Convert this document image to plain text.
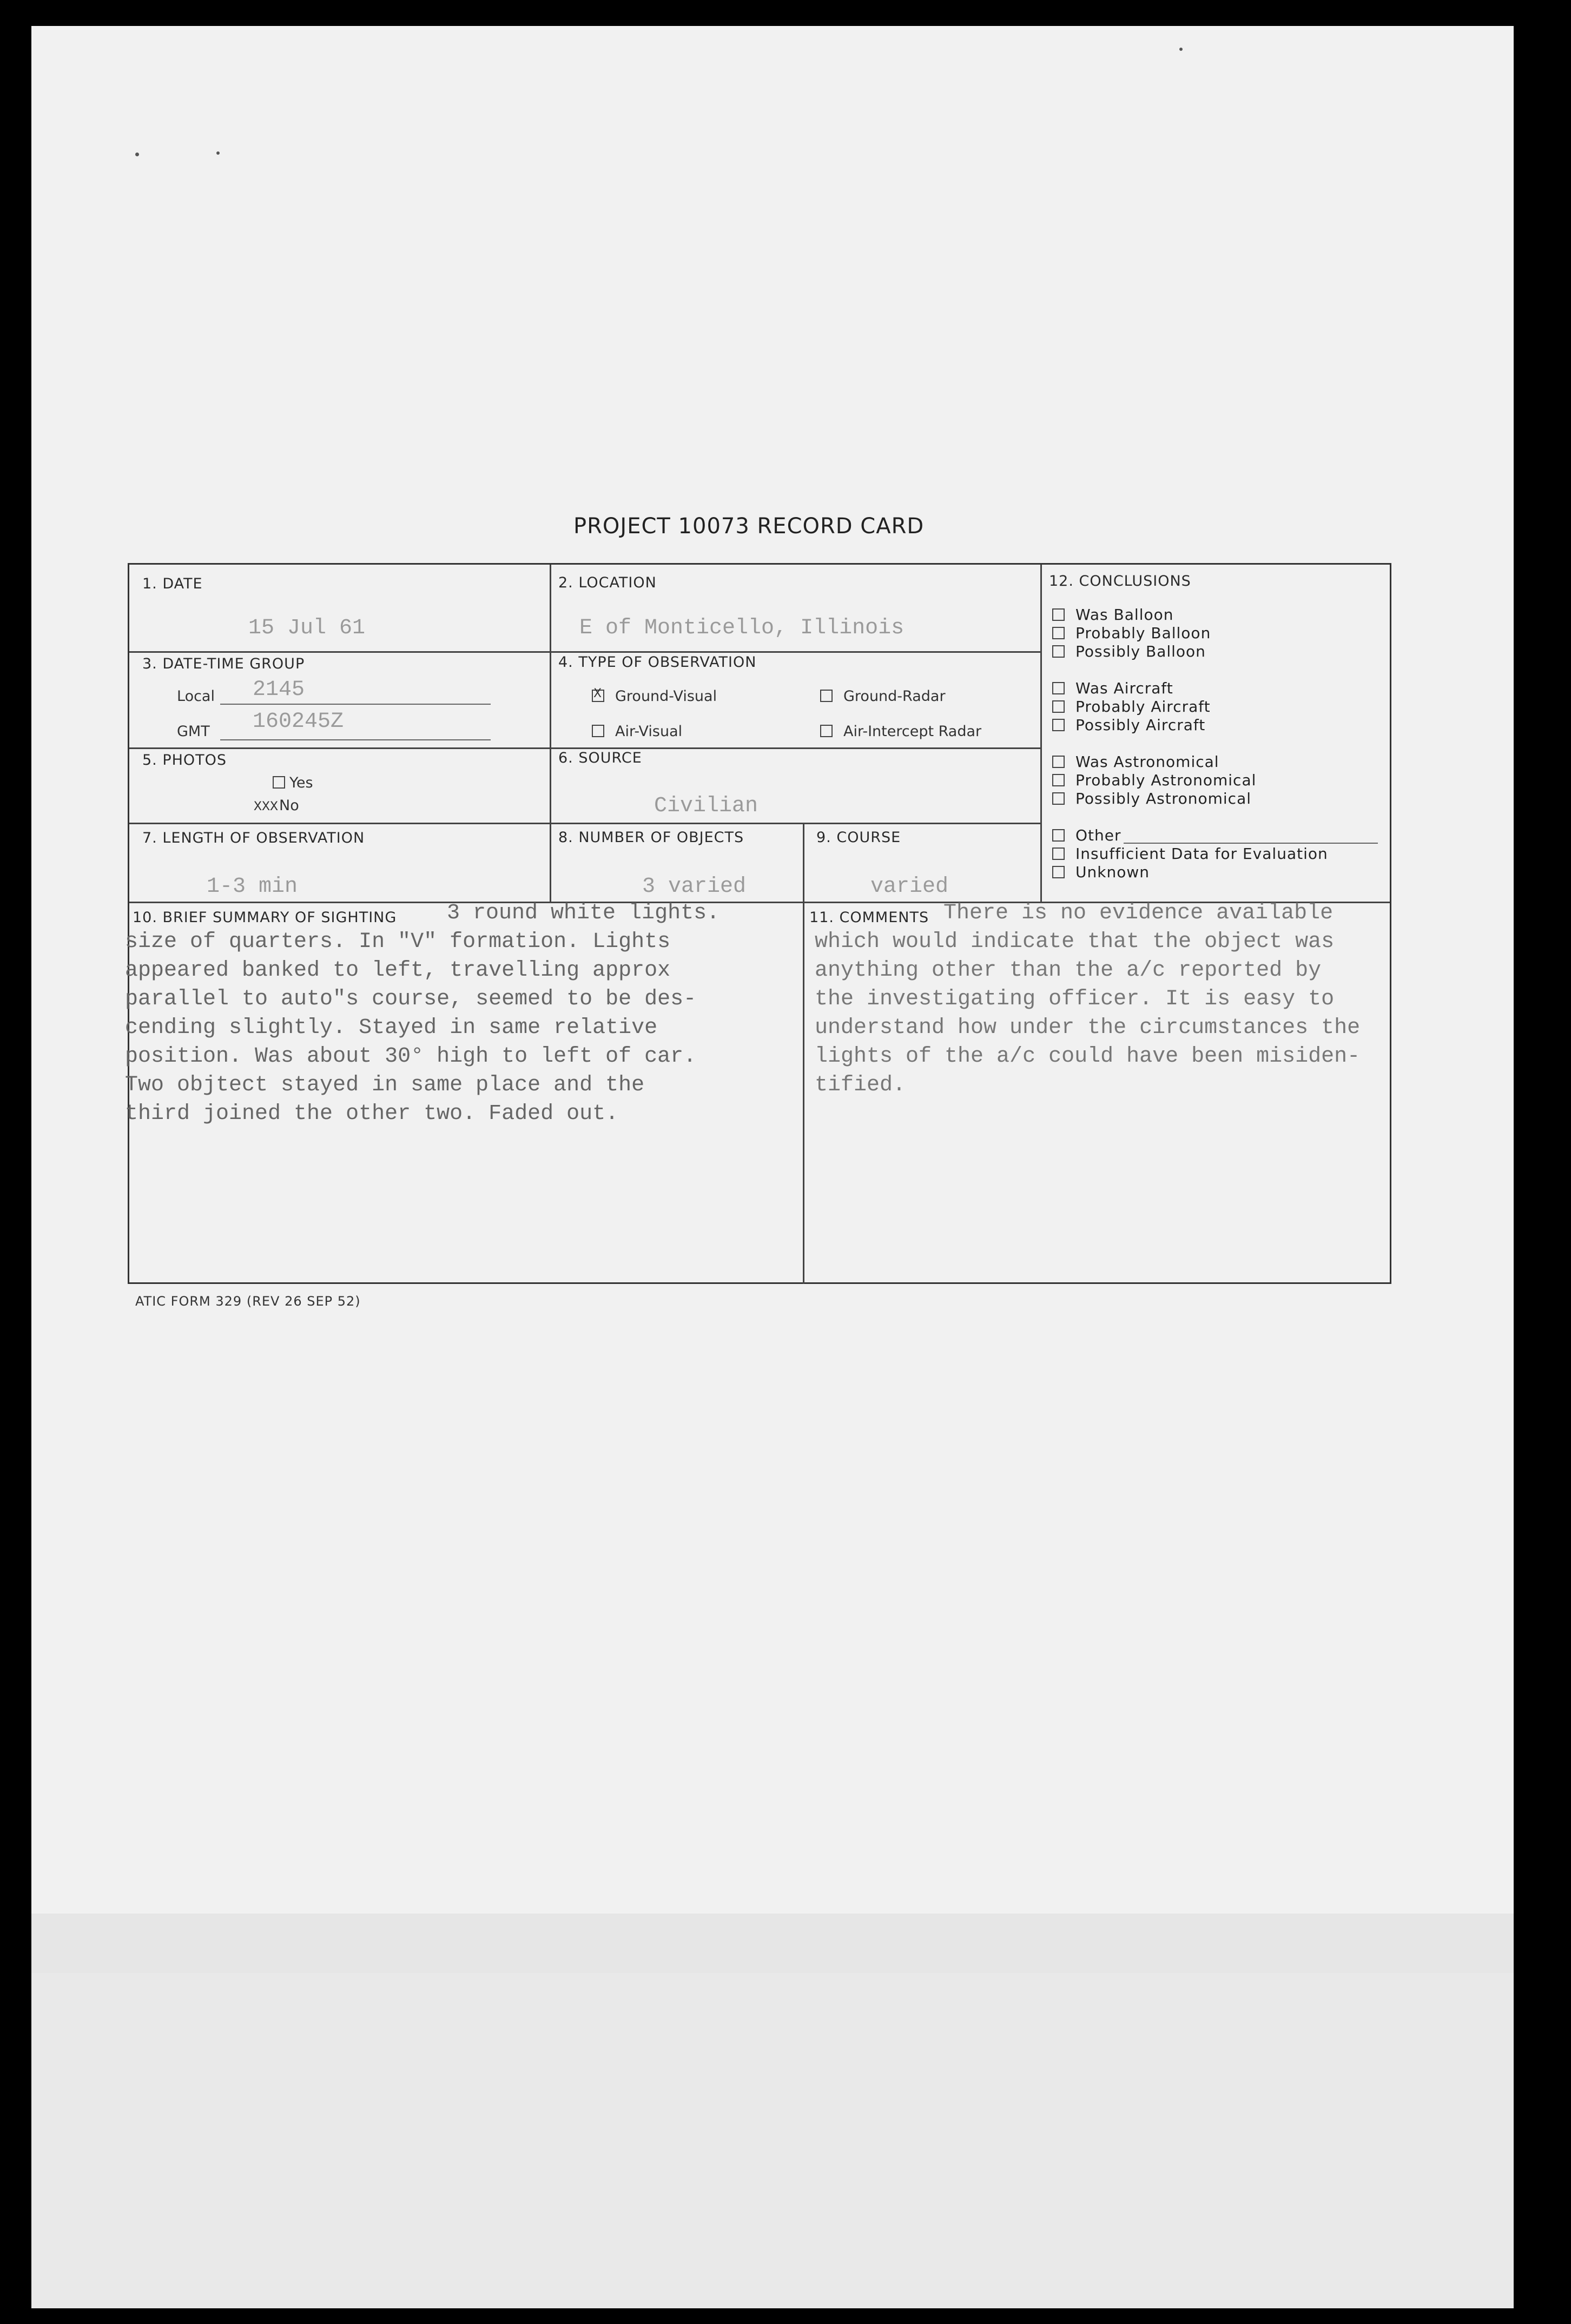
PROJECT 10073 RECORD CARD
1. DATE
15 Jul 61
2. LOCATION
E of Monticello, Illinois
3. DATE-TIME GROUP
Local 2145
GMT 160245Z
4. TYPE OF OBSERVATION
X Ground-Visual	Ground-Radar
Air-Visual	Air-Intercept Radar
5. PHOTOS
Yes
XXXNo
6. SOURCE
Civilian
7. LENGTH OF OBSERVATION
1-3 min
8. NUMBER OF OBJECTS
3 varied
9. COURSE
varied
10. BRIEF SUMMARY OF SIGHTING	3 round white lights.
size of quarters. In "V" formation. Lights
appeared banked to left, travelling approx
parallel to auto"s course, seemed to be des-
cending slightly. Stayed in same relative
position. Was about 30° high to left of car.
Two objtect stayed in same place and the
third joined the other two. Faded out.
11. COMMENTS There is no evidence available
which would indicate that the object was
anything other than the a/c reported by
the investigating officer. It is easy to
understand how under the circumstances the
lights of the a/c could have been misiden-
tified.
12. CONCLUSIONS
Was Balloon
Probably Balloon
Possibly Balloon
Was Aircraft
Probably Aircraft
Possibly Aircraft
Was Astronomical
Probably Astronomical
Possibly Astronomical
Other
Insufficient Data for Evaluation
Unknown
ATIC FORM 329 (REV 26 SEP 52)
